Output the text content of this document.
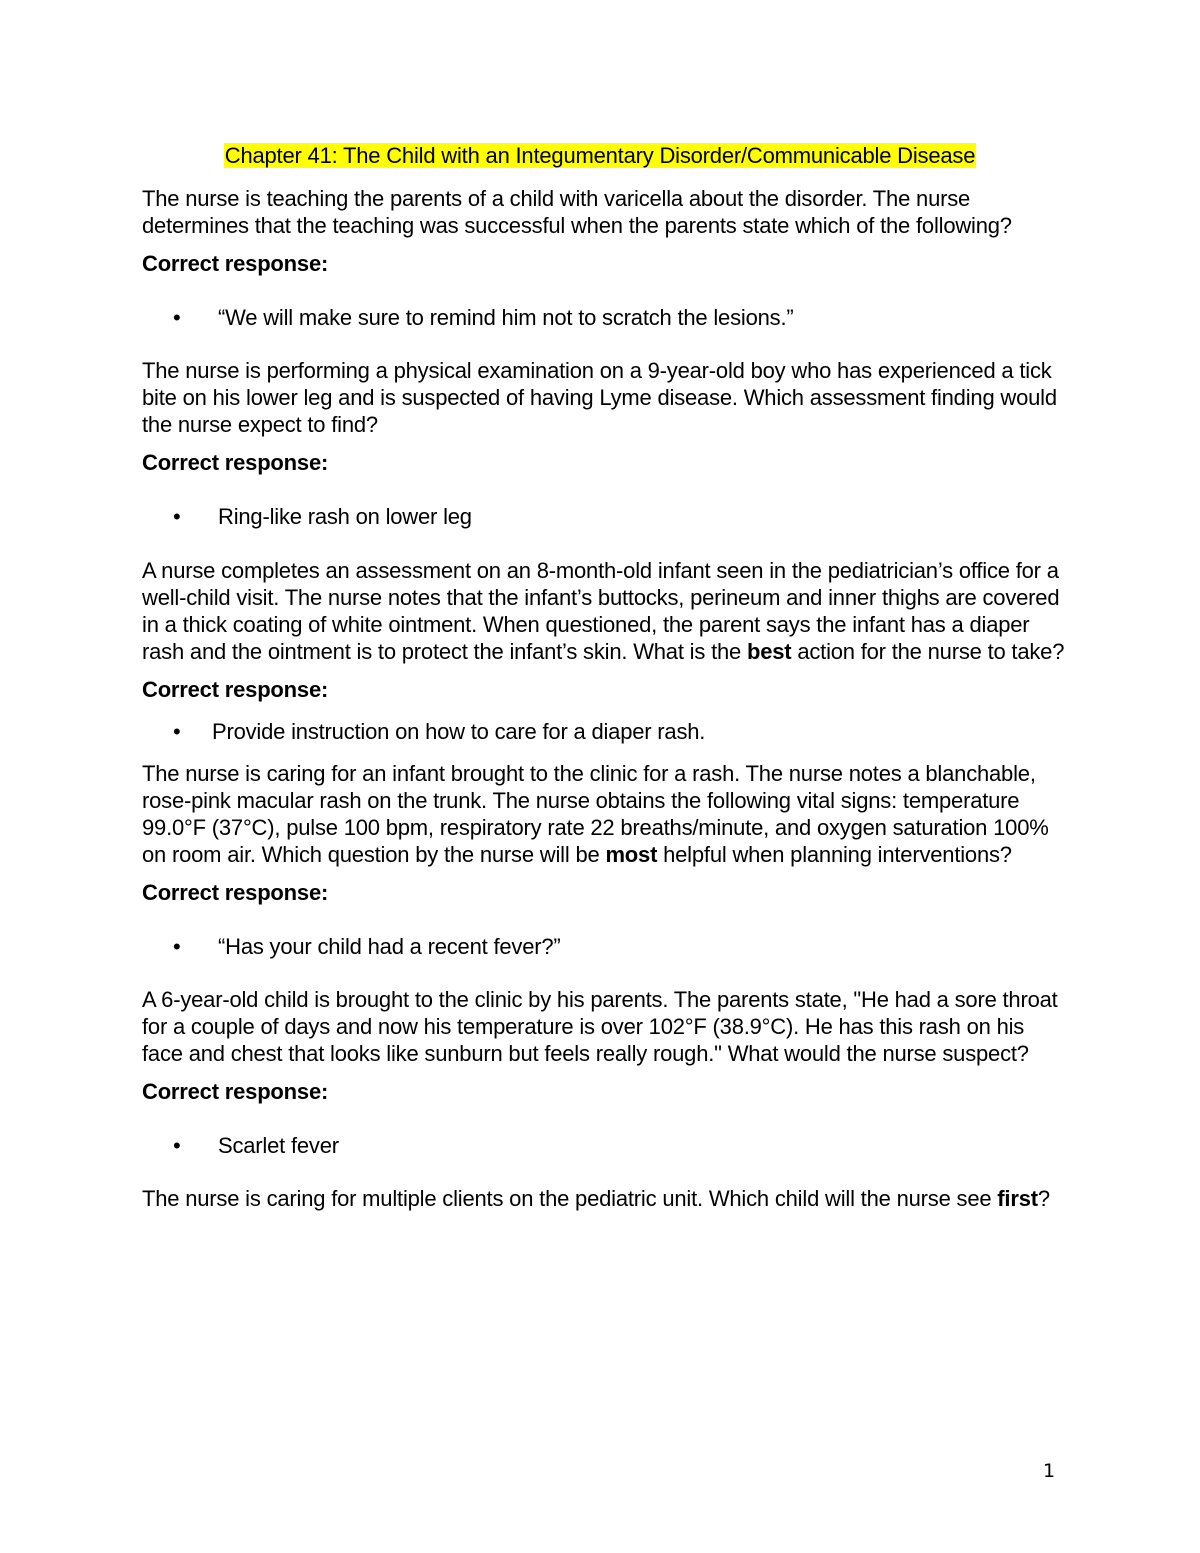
Chapter 41: The Child with an Integumentary Disorder/Communicable Disease

The nurse is teaching the parents of a child with varicella about the disorder. The nurse determines that the teaching was successful when the parents state which of the following?

Correct response:

• “We will make sure to remind him not to scratch the lesions.”

The nurse is performing a physical examination on a 9-year-old boy who has experienced a tick bite on his lower leg and is suspected of having Lyme disease. Which assessment finding would the nurse expect to find?

Correct response:

• Ring-like rash on lower leg

A nurse completes an assessment on an 8-month-old infant seen in the pediatrician’s office for a well-child visit. The nurse notes that the infant’s buttocks, perineum and inner thighs are covered in a thick coating of white ointment. When questioned, the parent says the infant has a diaper rash and the ointment is to protect the infant’s skin. What is the best action for the nurse to take?

Correct response:

• Provide instruction on how to care for a diaper rash.

The nurse is caring for an infant brought to the clinic for a rash. The nurse notes a blanchable, rose-pink macular rash on the trunk. The nurse obtains the following vital signs: temperature 99.0°F (37°C), pulse 100 bpm, respiratory rate 22 breaths/minute, and oxygen saturation 100% on room air. Which question by the nurse will be most helpful when planning interventions?

Correct response:

• “Has your child had a recent fever?”

A 6-year-old child is brought to the clinic by his parents. The parents state, "He had a sore throat for a couple of days and now his temperature is over 102°F (38.9°C). He has this rash on his face and chest that looks like sunburn but feels really rough." What would the nurse suspect?

Correct response:

• Scarlet fever

The nurse is caring for multiple clients on the pediatric unit. Which child will the nurse see first?

1
